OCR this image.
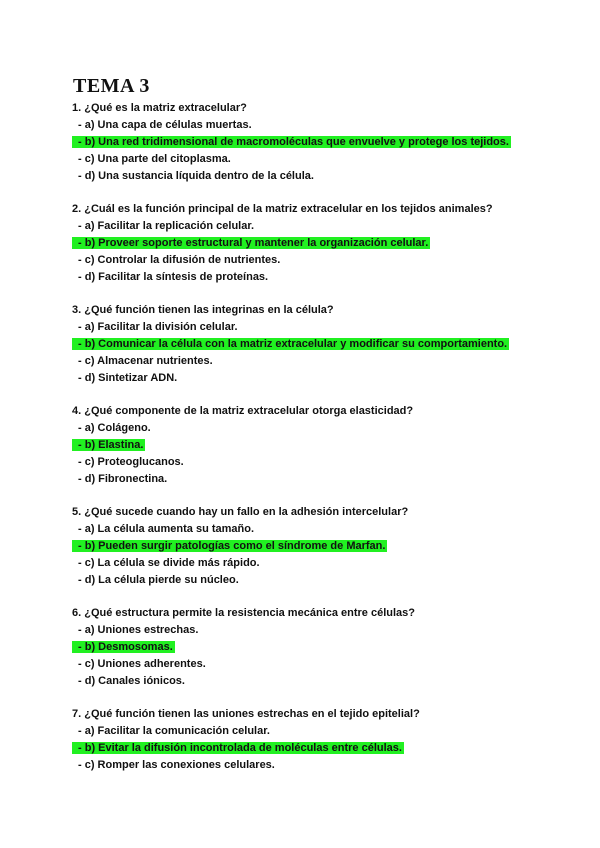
TEMA 3
1. ¿Qué es la matriz extracelular?
- a) Una capa de células muertas.
- b) Una red tridimensional de macromoléculas que envuelve y protege los tejidos.
- c) Una parte del citoplasma.
- d) Una sustancia líquida dentro de la célula.
2. ¿Cuál es la función principal de la matriz extracelular en los tejidos animales?
- a) Facilitar la replicación celular.
- b) Proveer soporte estructural y mantener la organización celular.
- c) Controlar la difusión de nutrientes.
- d) Facilitar la síntesis de proteínas.
3. ¿Qué función tienen las integrinas en la célula?
- a) Facilitar la división celular.
- b) Comunicar la célula con la matriz extracelular y modificar su comportamiento.
- c) Almacenar nutrientes.
- d) Sintetizar ADN.
4. ¿Qué componente de la matriz extracelular otorga elasticidad?
- a) Colágeno.
- b) Elastina.
- c) Proteoglucanos.
- d) Fibronectina.
5. ¿Qué sucede cuando hay un fallo en la adhesión intercelular?
- a) La célula aumenta su tamaño.
- b) Pueden surgir patologías como el síndrome de Marfan.
- c) La célula se divide más rápido.
- d) La célula pierde su núcleo.
6. ¿Qué estructura permite la resistencia mecánica entre células?
- a) Uniones estrechas.
- b) Desmosomas.
- c) Uniones adherentes.
- d) Canales iónicos.
7. ¿Qué función tienen las uniones estrechas en el tejido epitelial?
- a) Facilitar la comunicación celular.
- b) Evitar la difusión incontrolada de moléculas entre células.
- c) Romper las conexiones celulares.
